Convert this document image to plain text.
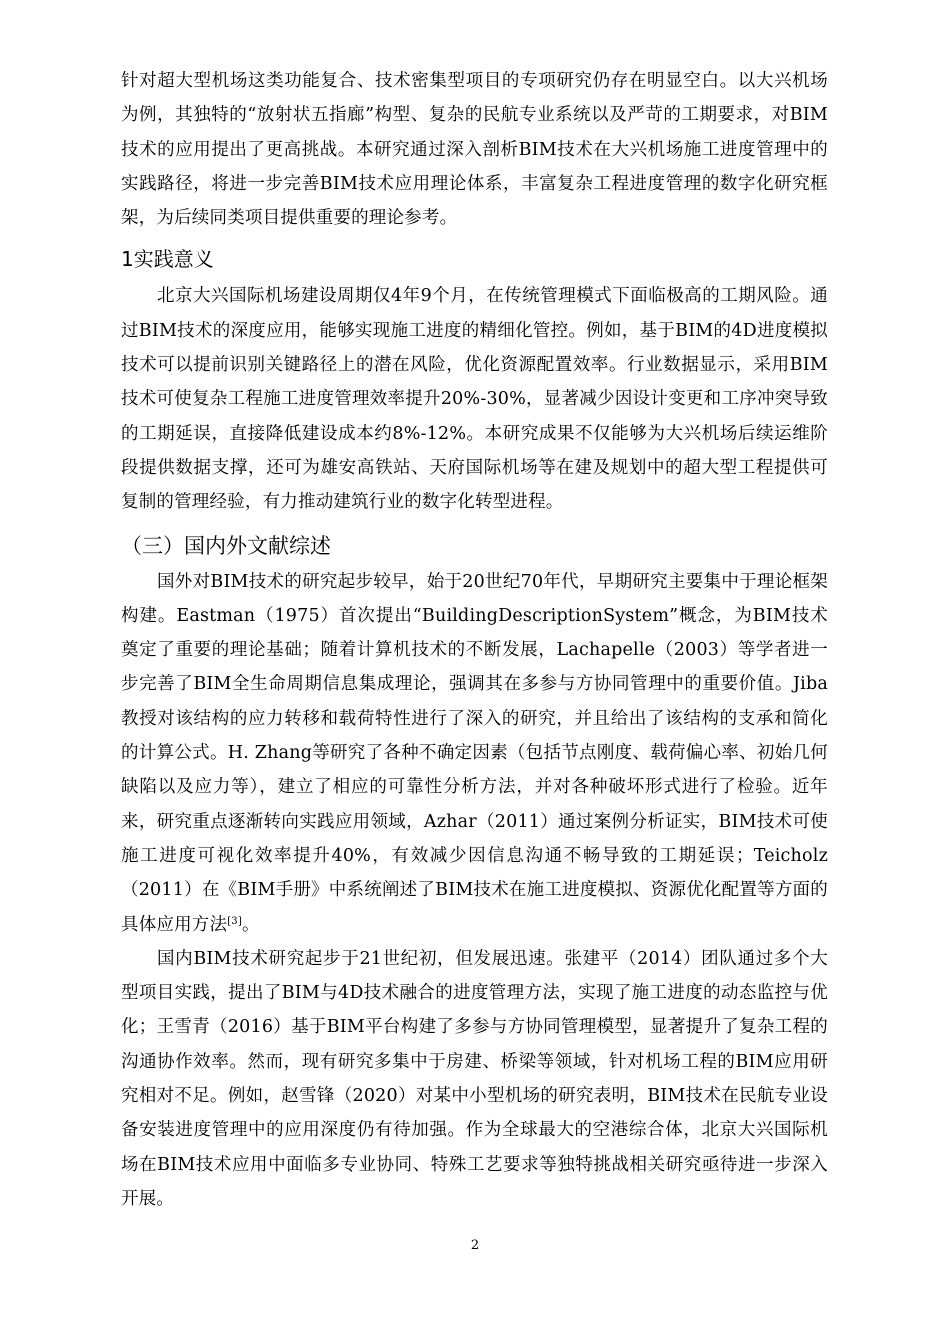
针对超大型机场这类功能复合、技术密集型项目的专项研究仍存在明显空白。以大兴机场为例，其独特的“放射状五指廊”构型、复杂的民航专业系统以及严苛的工期要求，对BIM技术的应用提出了更高挑战。本研究通过深入剖析BIM技术在大兴机场施工进度管理中的实践路径，将进一步完善BIM技术应用理论体系，丰富复杂工程进度管理的数字化研究框架，为后续同类项目提供重要的理论参考。

1实践意义

北京大兴国际机场建设周期仅4年9个月，在传统管理模式下面临极高的工期风险。通过BIM技术的深度应用，能够实现施工进度的精细化管控。例如，基于BIM的4D进度模拟技术可以提前识别关键路径上的潜在风险，优化资源配置效率。行业数据显示，采用BIM技术可使复杂工程施工进度管理效率提升20%-30%，显著减少因设计变更和工序冲突导致的工期延误，直接降低建设成本约8%-12%。本研究成果不仅能够为大兴机场后续运维阶段提供数据支撑，还可为雄安高铁站、天府国际机场等在建及规划中的超大型工程提供可复制的管理经验，有力推动建筑行业的数字化转型进程。

（三）国内外文献综述

国外对BIM技术的研究起步较早，始于20世纪70年代，早期研究主要集中于理论框架构建。Eastman（1975）首次提出“BuildingDescriptionSystem”概念，为BIM技术奠定了重要的理论基础；随着计算机技术的不断发展，Lachapelle（2003）等学者进一步完善了BIM全生命周期信息集成理论，强调其在多参与方协同管理中的重要价值。Jiba教授对该结构的应力转移和载荷特性进行了深入的研究，并且给出了该结构的支承和简化的计算公式。H. Zhang等研究了各种不确定因素（包括节点刚度、载荷偏心率、初始几何缺陷以及应力等），建立了相应的可靠性分析方法，并对各种破坏形式进行了检验。近年来，研究重点逐渐转向实践应用领域，Azhar（2011）通过案例分析证实，BIM技术可使施工进度可视化效率提升40%，有效减少因信息沟通不畅导致的工期延误；Teicholz（2011）在《BIM手册》中系统阐述了BIM技术在施工进度模拟、资源优化配置等方面的具体应用方法[3]。

国内BIM技术研究起步于21世纪初，但发展迅速。张建平（2014）团队通过多个大型项目实践，提出了BIM与4D技术融合的进度管理方法，实现了施工进度的动态监控与优化；王雪青（2016）基于BIM平台构建了多参与方协同管理模型，显著提升了复杂工程的沟通协作效率。然而，现有研究多集中于房建、桥梁等领域，针对机场工程的BIM应用研究相对不足。例如，赵雪锋（2020）对某中小型机场的研究表明，BIM技术在民航专业设备安装进度管理中的应用深度仍有待加强。作为全球最大的空港综合体，北京大兴国际机场在BIM技术应用中面临多专业协同、特殊工艺要求等独特挑战相关研究亟待进一步深入开展。

2
